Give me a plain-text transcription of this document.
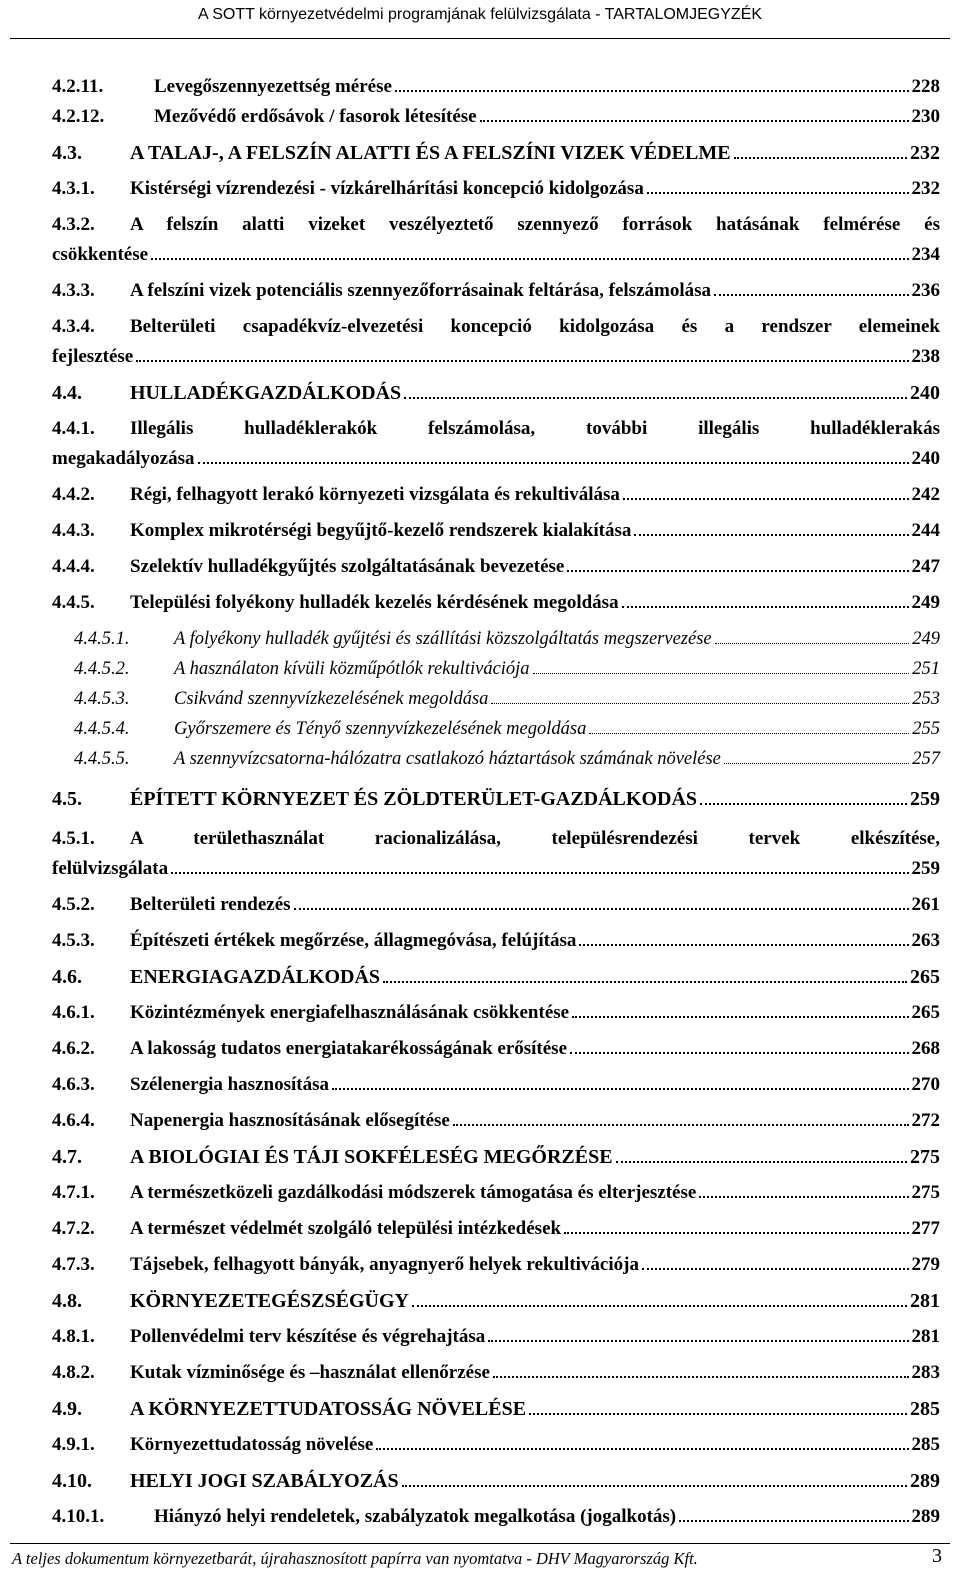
A SOTT környezetvédelmi programjának felülvizsgálata - TARTALOMJEGYZÉK
4.2.11.	Levegőszennyezettség mérése	228
4.2.12.	Mezővédő erdősávok / fasorok létesítése	230
4.3.	A TALAJ-, A FELSZÍN ALATTI ÉS A FELSZÍNI VIZEK VÉDELME	232
4.3.1.	Kistérségi vízrendezési - vízkárelhárítási koncepció kidolgozása	232
4.3.2.	A felszín alatti vizeket veszélyeztető szennyező források hatásának felmérése és
csökkentése	234
4.3.3.	A felszíni vizek potenciális szennyezőforrásainak feltárása, felszámolása	236
4.3.4.	Belterületi csapadékvíz-elvezetési koncepció kidolgozása és a rendszer elemeinek
fejlesztése	238
4.4.	HULLADÉKGAZDÁLKODÁS	240
4.4.1.	Illegális hulladéklerakók felszámolása, további illegális hulladéklerakás
megakadályozása	240
4.4.2.	Régi, felhagyott lerakó környezeti vizsgálata és rekultiválása	242
4.4.3.	Komplex mikrotérségi begyűjtő-kezelő rendszerek kialakítása	244
4.4.4.	Szelektív hulladékgyűjtés szolgáltatásának bevezetése	247
4.4.5.	Települési folyékony hulladék kezelés kérdésének megoldása	249
4.4.5.1.	A folyékony hulladék gyűjtési és szállítási közszolgáltatás megszervezése	249
4.4.5.2.	A használaton kívüli közműpótlók rekultivációja	251
4.4.5.3.	Csikvánd szennyvízkezelésének megoldása	253
4.4.5.4.	Győrszemere és Tényő szennyvízkezelésének megoldása	255
4.4.5.5.	A szennyvízcsatorna-hálózatra csatlakozó háztartások számának növelése	257
4.5.	ÉPÍTETT KÖRNYEZET ÉS ZÖLDTERÜLET-GAZDÁLKODÁS	259
4.5.1.	A területhasználat racionalizálása, településrendezési tervek elkészítése,
felülvizsgálata	259
4.5.2.	Belterületi rendezés	261
4.5.3.	Építészeti értékek megőrzése, állagmegóvása, felújítása	263
4.6.	ENERGIAGAZDÁLKODÁS	265
4.6.1.	Közintézmények energiafelhasználásának csökkentése	265
4.6.2.	A lakosság tudatos energiatakarékosságának erősítése	268
4.6.3.	Szélenergia hasznosítása	270
4.6.4.	Napenergia hasznosításának elősegítése	272
4.7.	A BIOLÓGIAI ÉS TÁJI SOKFÉLESÉG MEGŐRZÉSE	275
4.7.1.	A természetközeli gazdálkodási módszerek támogatása és elterjesztése	275
4.7.2.	A természet védelmét szolgáló települési intézkedések	277
4.7.3.	Tájsebek, felhagyott bányák, anyagnyerő helyek rekultivációja	279
4.8.	KÖRNYEZETEGÉSZSÉGÜGY	281
4.8.1.	Pollenvédelmi terv készítése és végrehajtása	281
4.8.2.	Kutak vízminősége és –használat ellenőrzése	283
4.9.	A KÖRNYEZETTUDATOSSÁG NÖVELÉSE	285
4.9.1.	Környezettudatosság növelése	285
4.10.	HELYI JOGI SZABÁLYOZÁS	289
4.10.1.	Hiányzó helyi rendeletek, szabályzatok megalkotása (jogalkotás)	289
A teljes dokumentum környezetbarát, újrahasznosított papírra van nyomtatva - DHV Magyarország Kft.	3
